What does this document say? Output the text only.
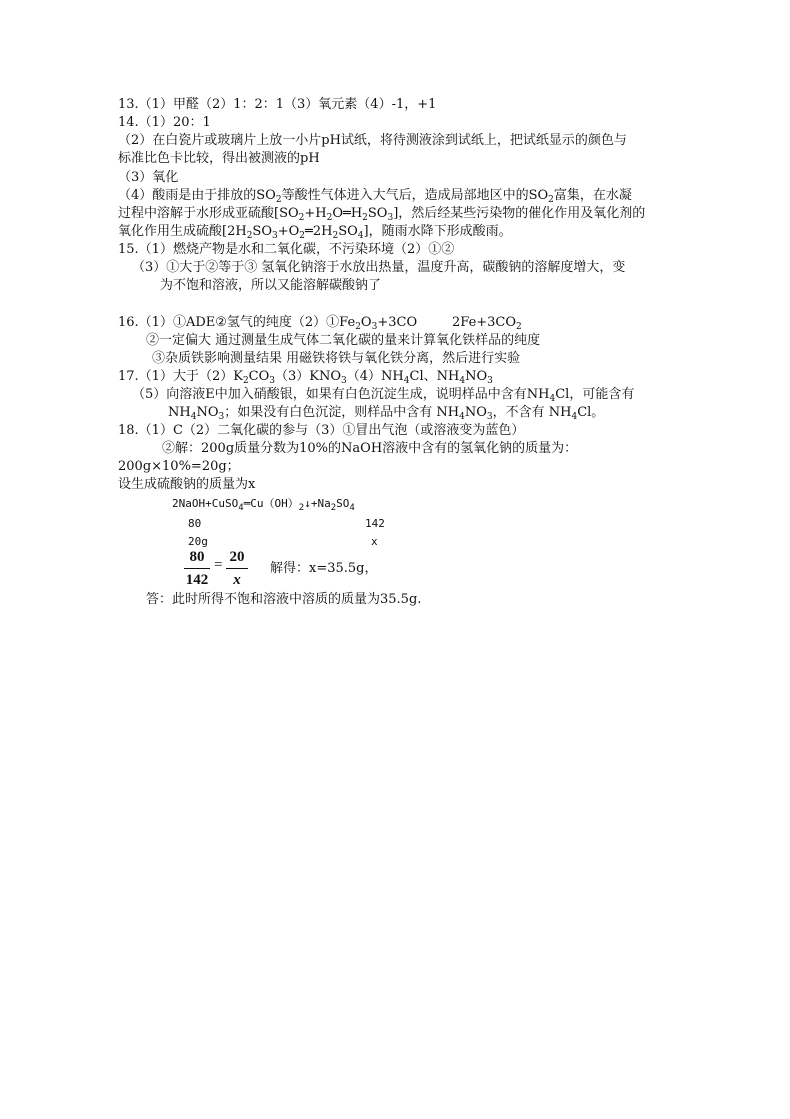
13.（1）甲醛（2）1：2：1（3）氧元素（4）-1，+1
14.（1）20：1
（2）在白瓷片或玻璃片上放一小片pH试纸，将待测液涂到试纸上，把试纸显示的颜色与
标准比色卡比较，得出被测液的pH
（3）氧化
（4）酸雨是由于排放的$SO_2$等酸性气体进入大气后，造成局部地区中的$SO_2$富集，在水凝
过程中溶解于水形成亚硫酸$[SO_2+H_2O═H_2SO_3]$，然后经某些污染物的催化作用及氧化剂的
氧化作用生成硫酸$[2H_2SO_3+O_2═2H_2SO_4]$，随雨水降下形成酸雨。
15.（1）燃烧产物是水和二氧化碳，不污染环境（2）①②
（3）①大于②等于③ 氢氧化钠溶于水放出热量，温度升高，碳酸钠的溶解度增大，变
为不饱和溶液，所以又能溶解碳酸钠了
16.（1）①ADE②氢气的纯度$(2)①Fe_2O_3+3CO$	$2Fe+3CO_2$
②一定偏大 通过测量生成气体二氧化碳的量来计算氧化铁样品的纯度
③杂质铁影响测量结果 用磁铁将铁与氧化铁分离，然后进行实验
17.（1）大于$(2)K_2CO_3(3)KNO_3(4)NH_4Cl$、$NH_4NO_3$
（5）向溶液E中加入硝酸银，如果有白色沉淀生成，说明样品中含有$NH_4Cl$，可能含有
$NH_4NO_3$；如果没有白色沉淀，则样品中含有 $NH_4NO_3$，不含有 $NH_4Cl$。
18.（1）C（2）二氧化碳的参与（3）①冒出气泡（或溶液变为蓝色）
②解：200g质量分数为10%的NaOH溶液中含有的氢氧化钠的质量为：
200g×10%=20g；
设生成硫酸钠的质量为x
$2NaOH+CuSO_4═Cu(OH)_2↓+Na_2SO_4$
80	142
20g	x
80
142
= 20
x
解得：x=35.5g，
答：此时所得不饱和溶液中溶质的质量为35.5g.
